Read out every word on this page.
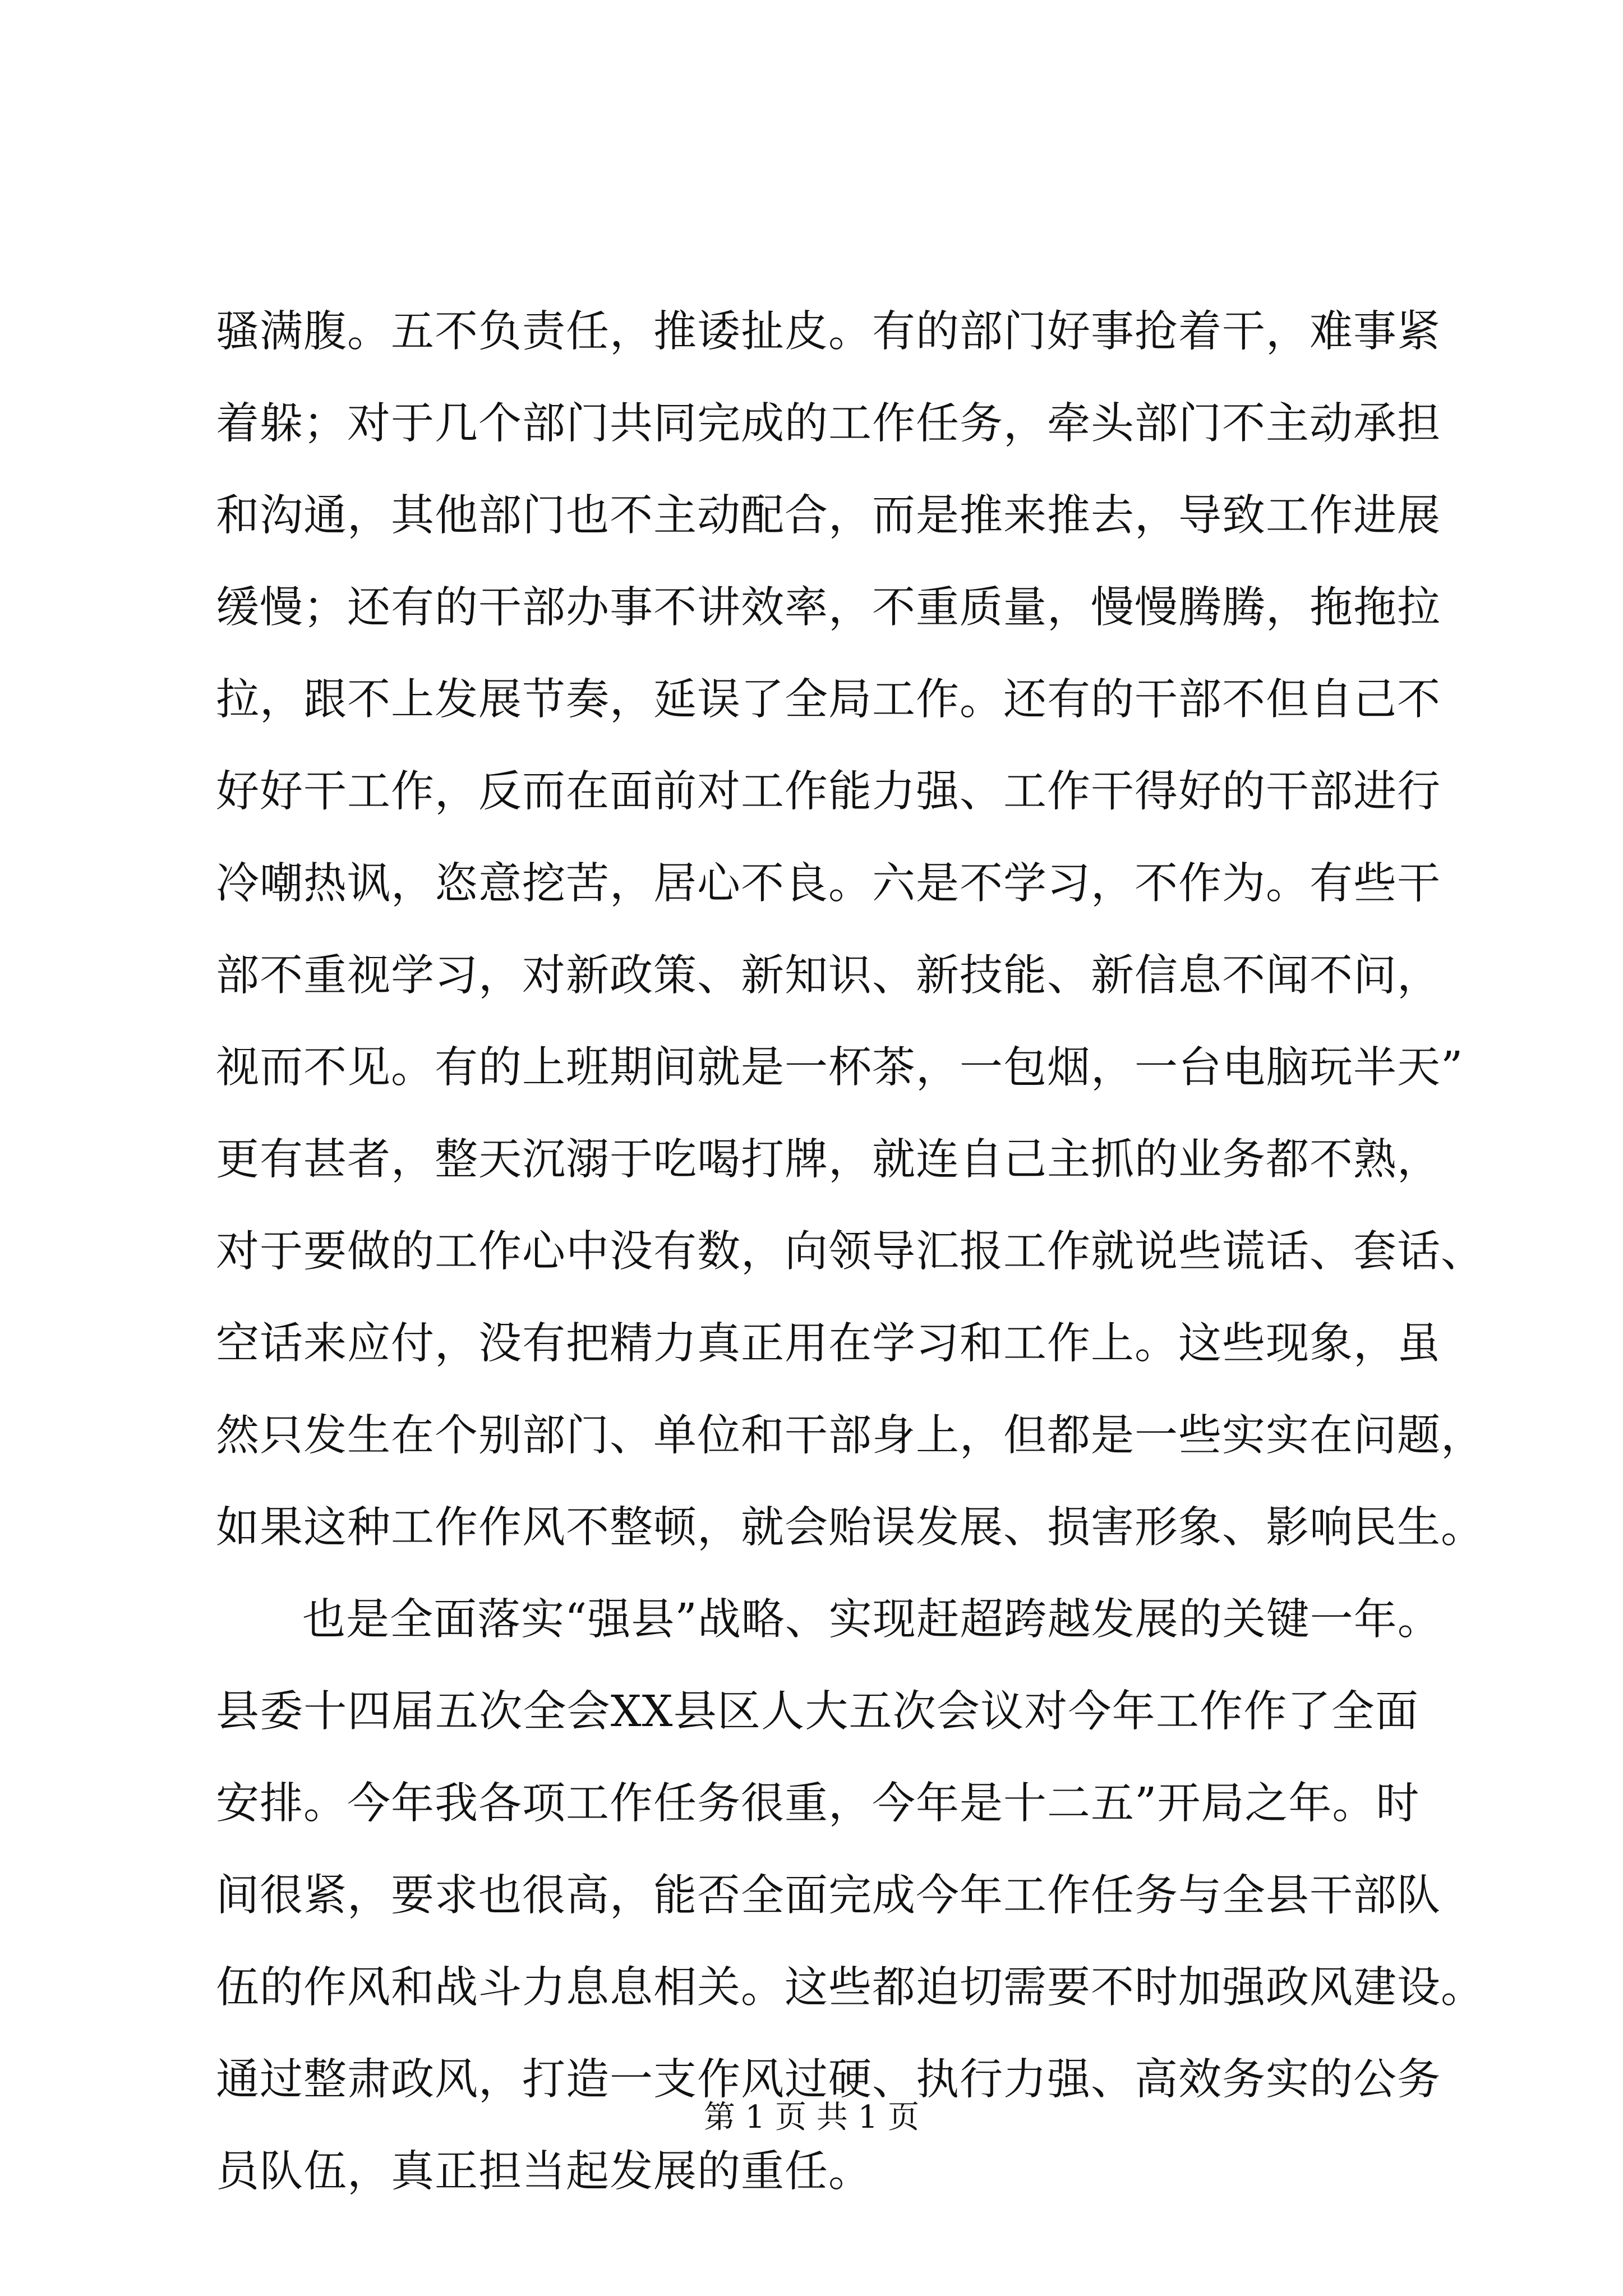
骚满腹。五不负责任，推诿扯皮。有的部门好事抢着干，难事紧
着躲；对于几个部门共同完成的工作任务，牵头部门不主动承担
和沟通，其他部门也不主动配合，而是推来推去，导致工作进展
缓慢；还有的干部办事不讲效率，不重质量，慢慢腾腾，拖拖拉
拉，跟不上发展节奏，延误了全局工作。还有的干部不但自己不
好好干工作，反而在面前对工作能力强、工作干得好的干部进行
冷嘲热讽，恣意挖苦，居心不良。六是不学习，不作为。有些干
部不重视学习，对新政策、新知识、新技能、新信息不闻不问，
视而不见。有的上班期间就是一杯茶，一包烟，一台电脑玩半天”
更有甚者，整天沉溺于吃喝打牌，就连自己主抓的业务都不熟，
对于要做的工作心中没有数，向领导汇报工作就说些谎话、套话、
空话来应付，没有把精力真正用在学习和工作上。这些现象，虽
然只发生在个别部门、单位和干部身上，但都是一些实实在问题，
如果这种工作作风不整顿，就会贻误发展、损害形象、影响民生。
也是全面落实“强县”战略、实现赶超跨越发展的关键一年。
县委十四届五次全会XX县区人大五次会议对今年工作作了全面
安排。今年我各项工作任务很重，今年是十二五”开局之年。时
间很紧，要求也很高，能否全面完成今年工作任务与全县干部队
伍的作风和战斗力息息相关。这些都迫切需要不时加强政风建设。
通过整肃政风，打造一支作风过硬、执行力强、高效务实的公务
员队伍，真正担当起发展的重任。
第 1 页 共 1 页
